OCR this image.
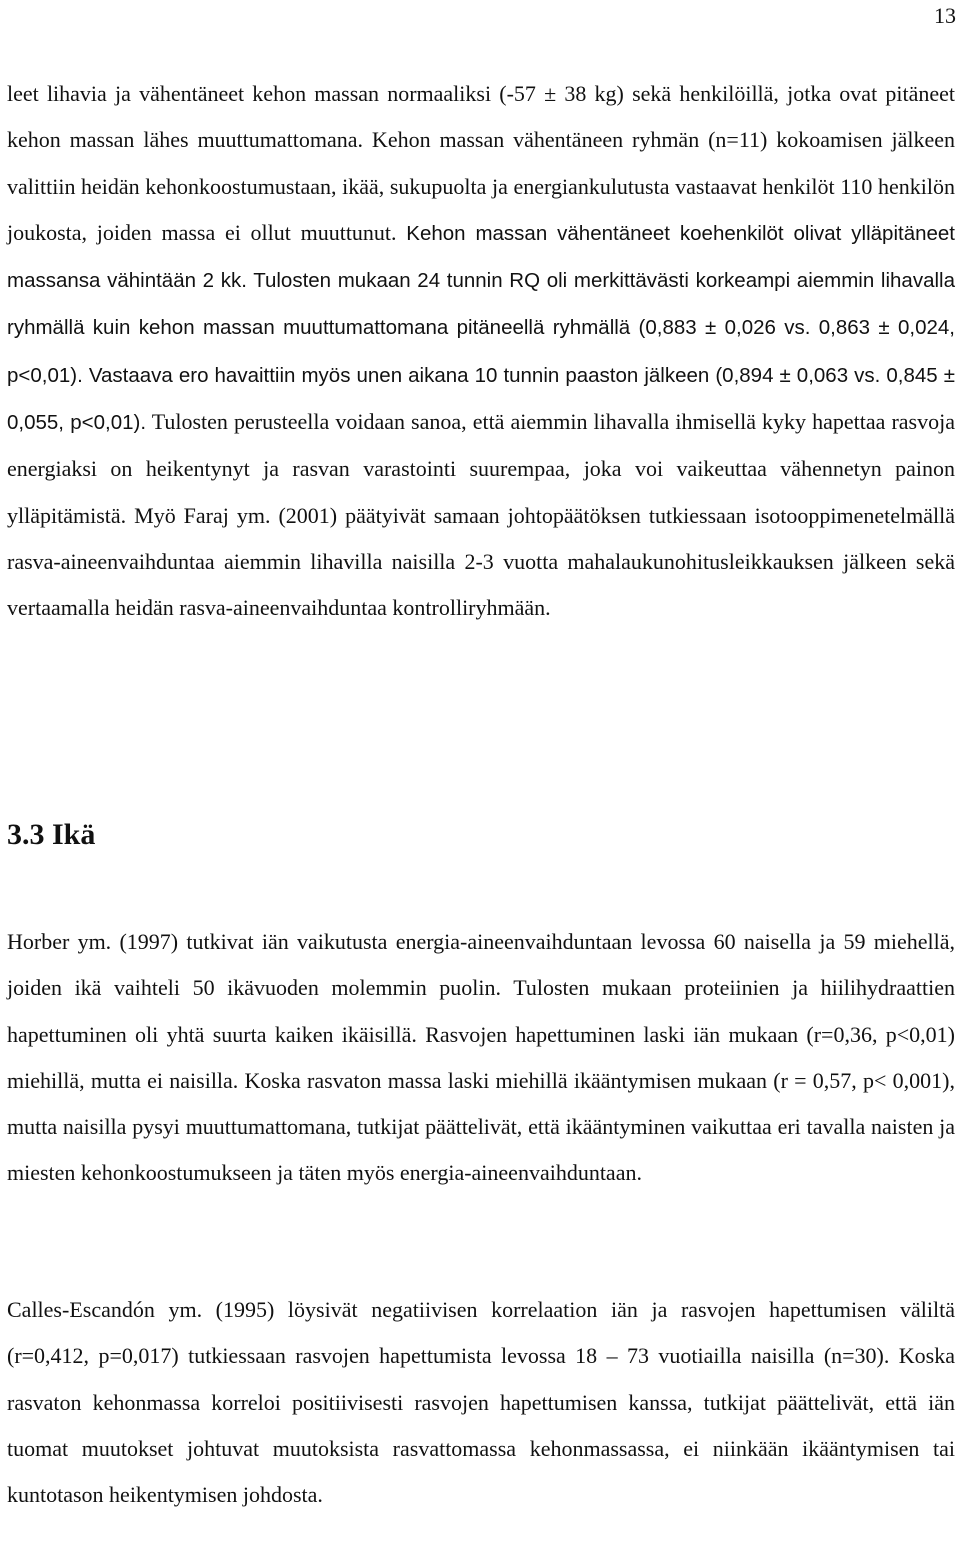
13

leet lihavia ja vähentäneet kehon massan normaaliksi (-57 ± 38 kg) sekä henkilöillä, jotka ovat pitäneet kehon massan lähes muuttumattomana. Kehon massan vähentäneen ryhmän (n=11) kokoamisen jälkeen valittiin heidän kehonkoostumustaan, ikää, sukupuolta ja energiankulutusta vastaavat henkilöt 110 henkilön joukosta, joiden massa ei ollut muuttunut. Kehon massan vähentäneet koehenkilöt olivat ylläpitäneet massansa vähintään 2 kk. Tulosten mukaan 24 tunnin RQ oli merkittävästi korkeampi aiemmin lihavalla ryhmällä kuin kehon massan muuttumattomana pitäneellä ryhmällä (0,883 ± 0,026 vs. 0,863 ± 0,024, p<0,01). Vastaava ero havaittiin myös unen aikana 10 tunnin paaston jälkeen (0,894 ± 0,063 vs. 0,845 ± 0,055, p<0,01). Tulosten perusteella voidaan sanoa, että aiemmin lihavalla ihmisellä kyky hapettaa rasvoja energiaksi on heikentynyt ja rasvan varastointi suurempaa, joka voi vaikeuttaa vähennetyn painon ylläpitämistä. Myö Faraj ym. (2001) päätyivät samaan johtopäätöksen tutkiessaan isotooppimenetelmällä rasva-aineenvaihduntaa aiemmin lihavilla naisilla 2-3 vuotta mahalaukunohitusleikkauksen jälkeen sekä vertaamalla heidän rasva-aineenvaihduntaa kontrolliryhmään.

3.3 Ikä

Horber ym. (1997) tutkivat iän vaikutusta energia-aineenvaihduntaan levossa 60 naisella ja 59 miehellä, joiden ikä vaihteli 50 ikävuoden molemmin puolin. Tulosten mukaan proteiinien ja hiilihydraattien hapettuminen oli yhtä suurta kaiken ikäisillä. Rasvojen hapettuminen laski iän mukaan (r=0,36, p<0,01) miehillä, mutta ei naisilla. Koska rasvaton massa laski miehillä ikääntymisen mukaan (r = 0,57, p< 0,001), mutta naisilla pysyi muuttumattomana, tutkijat päättelivät, että ikääntyminen vaikuttaa eri tavalla naisten ja miesten kehonkoostumukseen ja täten myös energia-aineenvaihduntaan.

Calles-Escandón ym. (1995) löysivät negatiivisen korrelaation iän ja rasvojen hapettumisen väliltä (r=0,412, p=0,017) tutkiessaan rasvojen hapettumista levossa 18 – 73 vuotiailla naisilla (n=30). Koska rasvaton kehonmassa korreloi positiivisesti rasvojen hapettumisen kanssa, tutkijat päättelivät, että iän tuomat muutokset johtuvat muutoksista rasvattomassa kehonmassassa, ei niinkään ikääntymisen tai kuntotason heikentymisen johdosta.
